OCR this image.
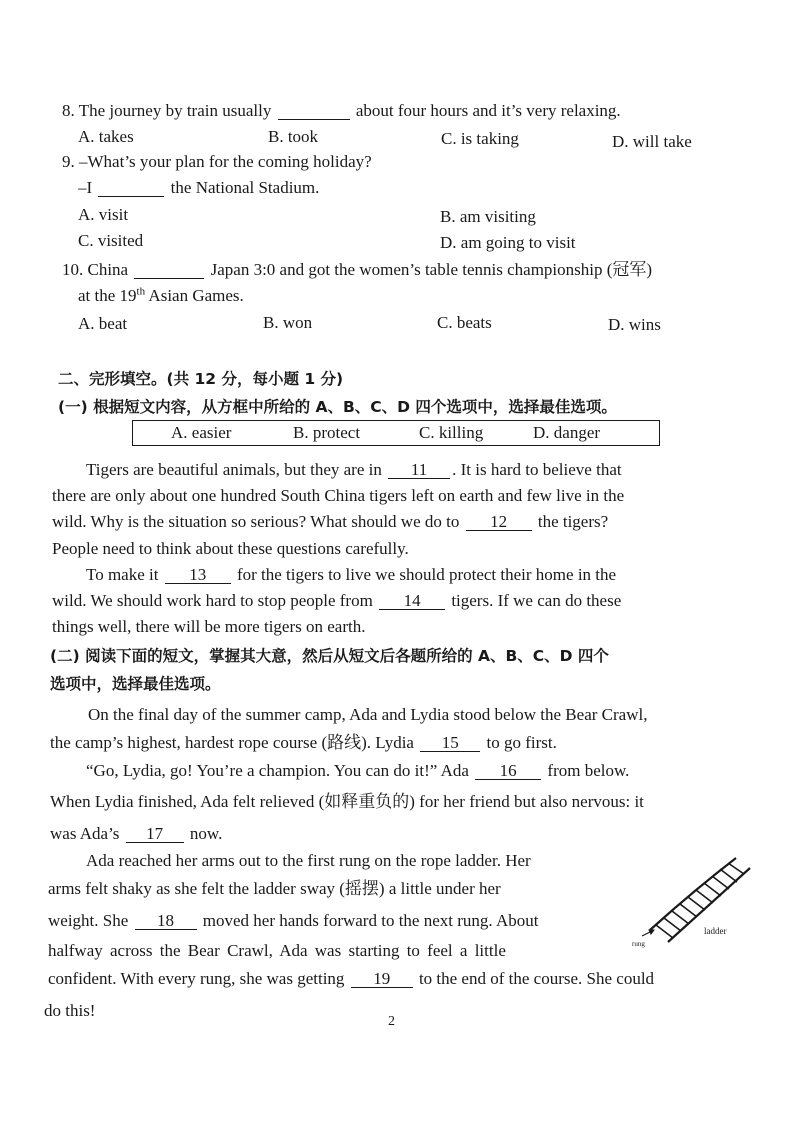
8. The journey by train usually	about four hours and it’s very relaxing.
A. takes	B. took	C. is taking	D. will take
9. –What’s your plan for the coming holiday?
–I	the National Stadium.
A. visit	B. am visiting
C. visited	D. am going to visit
10. China	Japan 3:0 and got the women’s table tennis championship (冠军)
at the 19th Asian Games.
A. beat	B. won	C. beats	D. wins
二、完形填空。(共 12 分，每小题 1 分)
(一) 根据短文内容，从方框中所给的 A、B、C、D 四个选项中，选择最佳选项。
A. easier	B. protect	C. killing	D. danger
Tigers are beautiful animals, but they are in 11 . It is hard to believe that
there are only about one hundred South China tigers left on earth and few live in the
wild. Why is the situation so serious? What should we do to 12 the tigers?
People need to think about these questions carefully.
To make it 13 for the tigers to live we should protect their home in the
wild. We should work hard to stop people from 14 tigers. If we can do these
things well, there will be more tigers on earth.
(二) 阅读下面的短文，掌握其大意，然后从短文后各题所给的 A、B、C、D 四个
选项中，选择最佳选项。
On the final day of the summer camp, Ada and Lydia stood below the Bear Crawl,
the camp’s highest, hardest rope course (路线). Lydia 15 to go first.
“Go, Lydia, go! You’re a champion. You can do it!” Ada 16 from below.
When Lydia finished, Ada felt relieved (如释重负的) for her friend but also nervous: it
was Ada’s 17 now.
Ada reached her arms out to the first rung on the rope ladder. Her
arms felt shaky as she felt the ladder sway (摇摆) a little under her
weight. She 18 moved her hands forward to the next rung. About
halfway across the Bear Crawl, Ada was starting to feel a little
confident. With every rung, she was getting 19 to the end of the course. She could
do this!
ladder
rung
2
